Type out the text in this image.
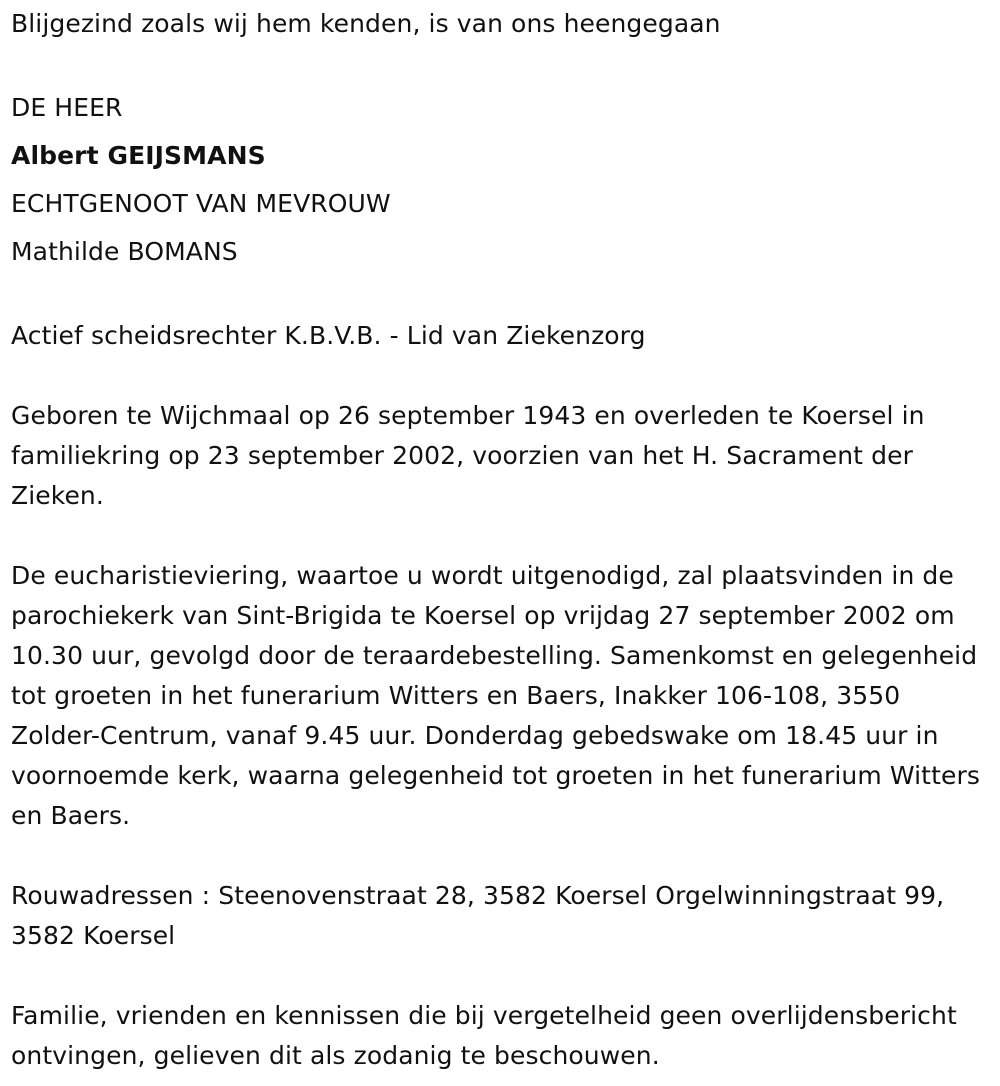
Blijgezind zoals wij hem kenden, is van ons heengegaan

DE HEER
Albert GEIJSMANS
ECHTGENOOT VAN MEVROUW
Mathilde BOMANS

Actief scheidsrechter K.B.V.B. - Lid van Ziekenzorg

Geboren te Wijchmaal op 26 september 1943 en overleden te Koersel in familiekring op 23 september 2002, voorzien van het H. Sacrament der Zieken.

De eucharistieviering, waartoe u wordt uitgenodigd, zal plaatsvinden in de parochiekerk van Sint-Brigida te Koersel op vrijdag 27 september 2002 om 10.30 uur, gevolgd door de teraardebestelling. Samenkomst en gelegenheid tot groeten in het funerarium Witters en Baers, Inakker 106-108, 3550 Zolder-Centrum, vanaf 9.45 uur. Donderdag gebedswake om 18.45 uur in voornoemde kerk, waarna gelegenheid tot groeten in het funerarium Witters en Baers.

Rouwadressen : Steenovenstraat 28, 3582 Koersel Orgelwinningstraat 99, 3582 Koersel

Familie, vrienden en kennissen die bij vergetelheid geen overlijdensbericht ontvingen, gelieven dit als zodanig te beschouwen.
